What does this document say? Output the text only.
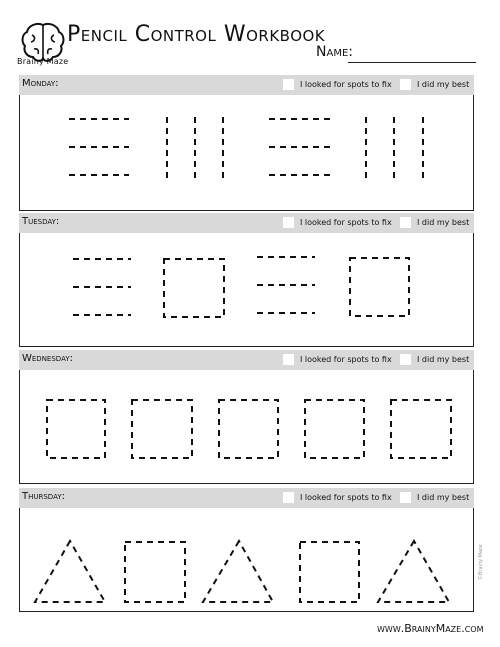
Brainy Maze
Pencil Control Workbook
Name:
Monday:	I looked for spots to fix	I did my best
Tuesday:	I looked for spots to fix	I did my best
Wednesday:	I looked for spots to fix	I did my best
Thursday:	I looked for spots to fix	I did my best
www.BrainyMaze.com
©Brainy Maze
